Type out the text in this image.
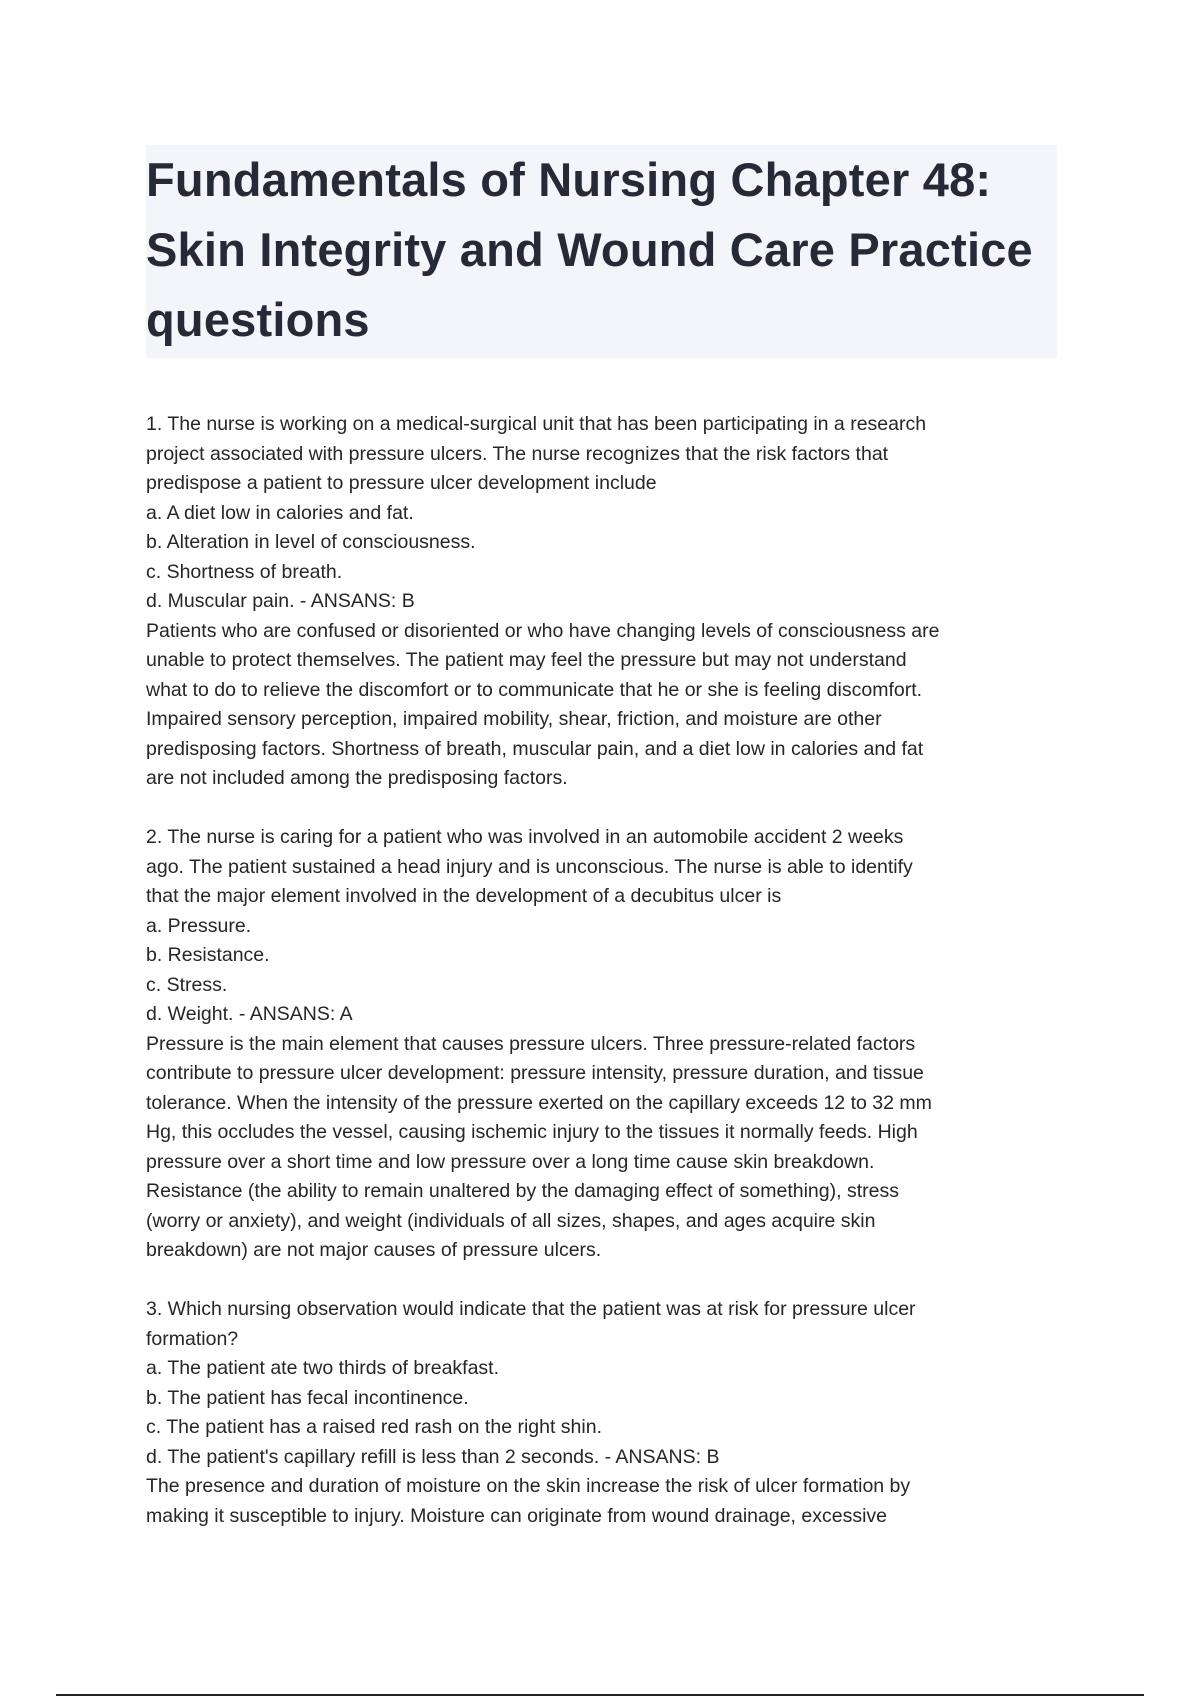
Fundamentals of Nursing Chapter 48:
Skin Integrity and Wound Care Practice
questions
1. The nurse is working on a medical-surgical unit that has been participating in a research
project associated with pressure ulcers. The nurse recognizes that the risk factors that
predispose a patient to pressure ulcer development include
a. A diet low in calories and fat.
b. Alteration in level of consciousness.
c. Shortness of breath.
d. Muscular pain. - ANSANS: B
Patients who are confused or disoriented or who have changing levels of consciousness are
unable to protect themselves. The patient may feel the pressure but may not understand
what to do to relieve the discomfort or to communicate that he or she is feeling discomfort.
Impaired sensory perception, impaired mobility, shear, friction, and moisture are other
predisposing factors. Shortness of breath, muscular pain, and a diet low in calories and fat
are not included among the predisposing factors.
2. The nurse is caring for a patient who was involved in an automobile accident 2 weeks
ago. The patient sustained a head injury and is unconscious. The nurse is able to identify
that the major element involved in the development of a decubitus ulcer is
a. Pressure.
b. Resistance.
c. Stress.
d. Weight. - ANSANS: A
Pressure is the main element that causes pressure ulcers. Three pressure-related factors
contribute to pressure ulcer development: pressure intensity, pressure duration, and tissue
tolerance. When the intensity of the pressure exerted on the capillary exceeds 12 to 32 mm
Hg, this occludes the vessel, causing ischemic injury to the tissues it normally feeds. High
pressure over a short time and low pressure over a long time cause skin breakdown.
Resistance (the ability to remain unaltered by the damaging effect of something), stress
(worry or anxiety), and weight (individuals of all sizes, shapes, and ages acquire skin
breakdown) are not major causes of pressure ulcers.
3. Which nursing observation would indicate that the patient was at risk for pressure ulcer
formation?
a. The patient ate two thirds of breakfast.
b. The patient has fecal incontinence.
c. The patient has a raised red rash on the right shin.
d. The patient's capillary refill is less than 2 seconds. - ANSANS: B
The presence and duration of moisture on the skin increase the risk of ulcer formation by
making it susceptible to injury. Moisture can originate from wound drainage, excessive
